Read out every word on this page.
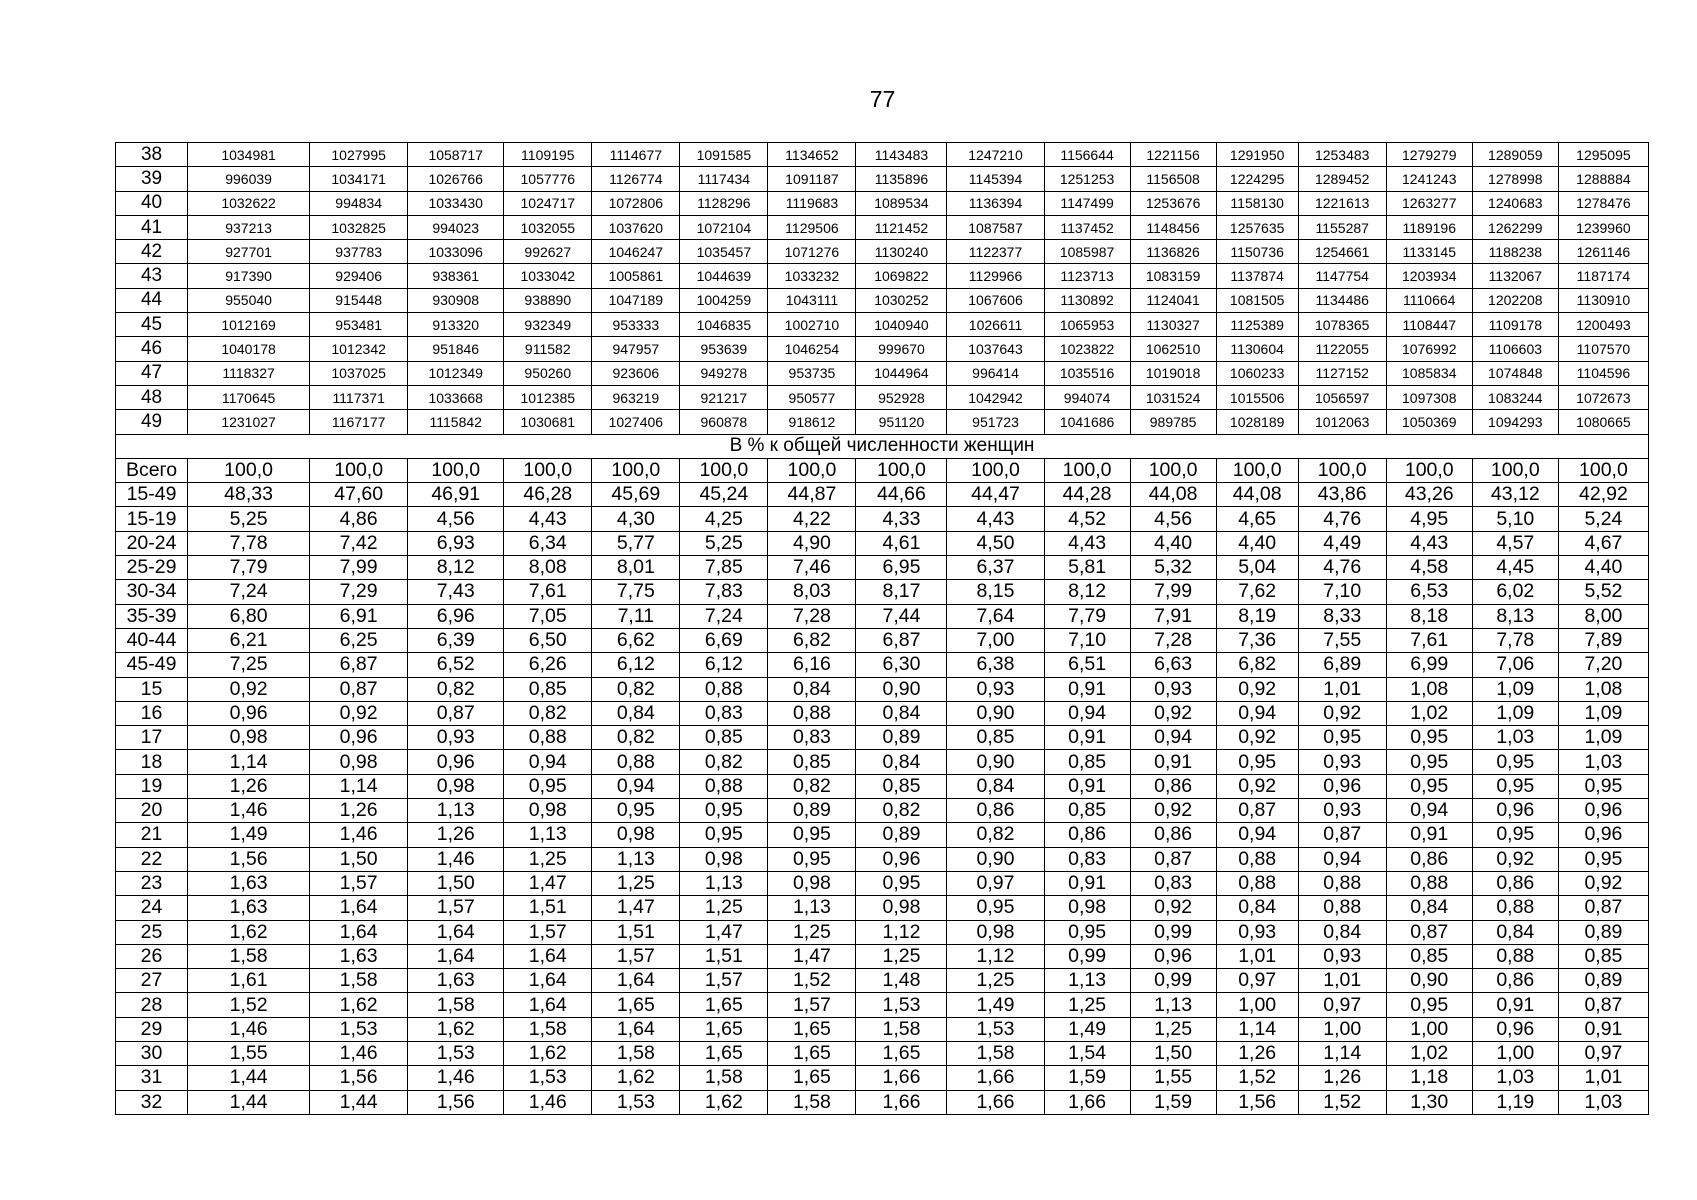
77
38	1034981	1027995	1058717	1109195	1114677	1091585	1134652	1143483	1247210	1156644	1221156	1291950	1253483	1279279	1289059	1295095
39	996039	1034171	1026766	1057776	1126774	1117434	1091187	1135896	1145394	1251253	1156508	1224295	1289452	1241243	1278998	1288884
40	1032622	994834	1033430	1024717	1072806	1128296	1119683	1089534	1136394	1147499	1253676	1158130	1221613	1263277	1240683	1278476
41	937213	1032825	994023	1032055	1037620	1072104	1129506	1121452	1087587	1137452	1148456	1257635	1155287	1189196	1262299	1239960
42	927701	937783	1033096	992627	1046247	1035457	1071276	1130240	1122377	1085987	1136826	1150736	1254661	1133145	1188238	1261146
43	917390	929406	938361	1033042	1005861	1044639	1033232	1069822	1129966	1123713	1083159	1137874	1147754	1203934	1132067	1187174
44	955040	915448	930908	938890	1047189	1004259	1043111	1030252	1067606	1130892	1124041	1081505	1134486	1110664	1202208	1130910
45	1012169	953481	913320	932349	953333	1046835	1002710	1040940	1026611	1065953	1130327	1125389	1078365	1108447	1109178	1200493
46	1040178	1012342	951846	911582	947957	953639	1046254	999670	1037643	1023822	1062510	1130604	1122055	1076992	1106603	1107570
47	1118327	1037025	1012349	950260	923606	949278	953735	1044964	996414	1035516	1019018	1060233	1127152	1085834	1074848	1104596
48	1170645	1117371	1033668	1012385	963219	921217	950577	952928	1042942	994074	1031524	1015506	1056597	1097308	1083244	1072673
49	1231027	1167177	1115842	1030681	1027406	960878	918612	951120	951723	1041686	989785	1028189	1012063	1050369	1094293	1080665
В % к общей численности женщин																
Всего	100,0	100,0	100,0	100,0	100,0	100,0	100,0	100,0	100,0	100,0	100,0	100,0	100,0	100,0	100,0	100,0
15-49	48,33	47,60	46,91	46,28	45,69	45,24	44,87	44,66	44,47	44,28	44,08	44,08	43,86	43,26	43,12	42,92
15-19	5,25	4,86	4,56	4,43	4,30	4,25	4,22	4,33	4,43	4,52	4,56	4,65	4,76	4,95	5,10	5,24
20-24	7,78	7,42	6,93	6,34	5,77	5,25	4,90	4,61	4,50	4,43	4,40	4,40	4,49	4,43	4,57	4,67
25-29	7,79	7,99	8,12	8,08	8,01	7,85	7,46	6,95	6,37	5,81	5,32	5,04	4,76	4,58	4,45	4,40
30-34	7,24	7,29	7,43	7,61	7,75	7,83	8,03	8,17	8,15	8,12	7,99	7,62	7,10	6,53	6,02	5,52
35-39	6,80	6,91	6,96	7,05	7,11	7,24	7,28	7,44	7,64	7,79	7,91	8,19	8,33	8,18	8,13	8,00
40-44	6,21	6,25	6,39	6,50	6,62	6,69	6,82	6,87	7,00	7,10	7,28	7,36	7,55	7,61	7,78	7,89
45-49	7,25	6,87	6,52	6,26	6,12	6,12	6,16	6,30	6,38	6,51	6,63	6,82	6,89	6,99	7,06	7,20
15	0,92	0,87	0,82	0,85	0,82	0,88	0,84	0,90	0,93	0,91	0,93	0,92	1,01	1,08	1,09	1,08
16	0,96	0,92	0,87	0,82	0,84	0,83	0,88	0,84	0,90	0,94	0,92	0,94	0,92	1,02	1,09	1,09
17	0,98	0,96	0,93	0,88	0,82	0,85	0,83	0,89	0,85	0,91	0,94	0,92	0,95	0,95	1,03	1,09
18	1,14	0,98	0,96	0,94	0,88	0,82	0,85	0,84	0,90	0,85	0,91	0,95	0,93	0,95	0,95	1,03
19	1,26	1,14	0,98	0,95	0,94	0,88	0,82	0,85	0,84	0,91	0,86	0,92	0,96	0,95	0,95	0,95
20	1,46	1,26	1,13	0,98	0,95	0,95	0,89	0,82	0,86	0,85	0,92	0,87	0,93	0,94	0,96	0,96
21	1,49	1,46	1,26	1,13	0,98	0,95	0,95	0,89	0,82	0,86	0,86	0,94	0,87	0,91	0,95	0,96
22	1,56	1,50	1,46	1,25	1,13	0,98	0,95	0,96	0,90	0,83	0,87	0,88	0,94	0,86	0,92	0,95
23	1,63	1,57	1,50	1,47	1,25	1,13	0,98	0,95	0,97	0,91	0,83	0,88	0,88	0,88	0,86	0,92
24	1,63	1,64	1,57	1,51	1,47	1,25	1,13	0,98	0,95	0,98	0,92	0,84	0,88	0,84	0,88	0,87
25	1,62	1,64	1,64	1,57	1,51	1,47	1,25	1,12	0,98	0,95	0,99	0,93	0,84	0,87	0,84	0,89
26	1,58	1,63	1,64	1,64	1,57	1,51	1,47	1,25	1,12	0,99	0,96	1,01	0,93	0,85	0,88	0,85
27	1,61	1,58	1,63	1,64	1,64	1,57	1,52	1,48	1,25	1,13	0,99	0,97	1,01	0,90	0,86	0,89
28	1,52	1,62	1,58	1,64	1,65	1,65	1,57	1,53	1,49	1,25	1,13	1,00	0,97	0,95	0,91	0,87
29	1,46	1,53	1,62	1,58	1,64	1,65	1,65	1,58	1,53	1,49	1,25	1,14	1,00	1,00	0,96	0,91
30	1,55	1,46	1,53	1,62	1,58	1,65	1,65	1,65	1,58	1,54	1,50	1,26	1,14	1,02	1,00	0,97
31	1,44	1,56	1,46	1,53	1,62	1,58	1,65	1,66	1,66	1,59	1,55	1,52	1,26	1,18	1,03	1,01
32	1,44	1,44	1,56	1,46	1,53	1,62	1,58	1,66	1,66	1,66	1,59	1,56	1,52	1,30	1,19	1,03
